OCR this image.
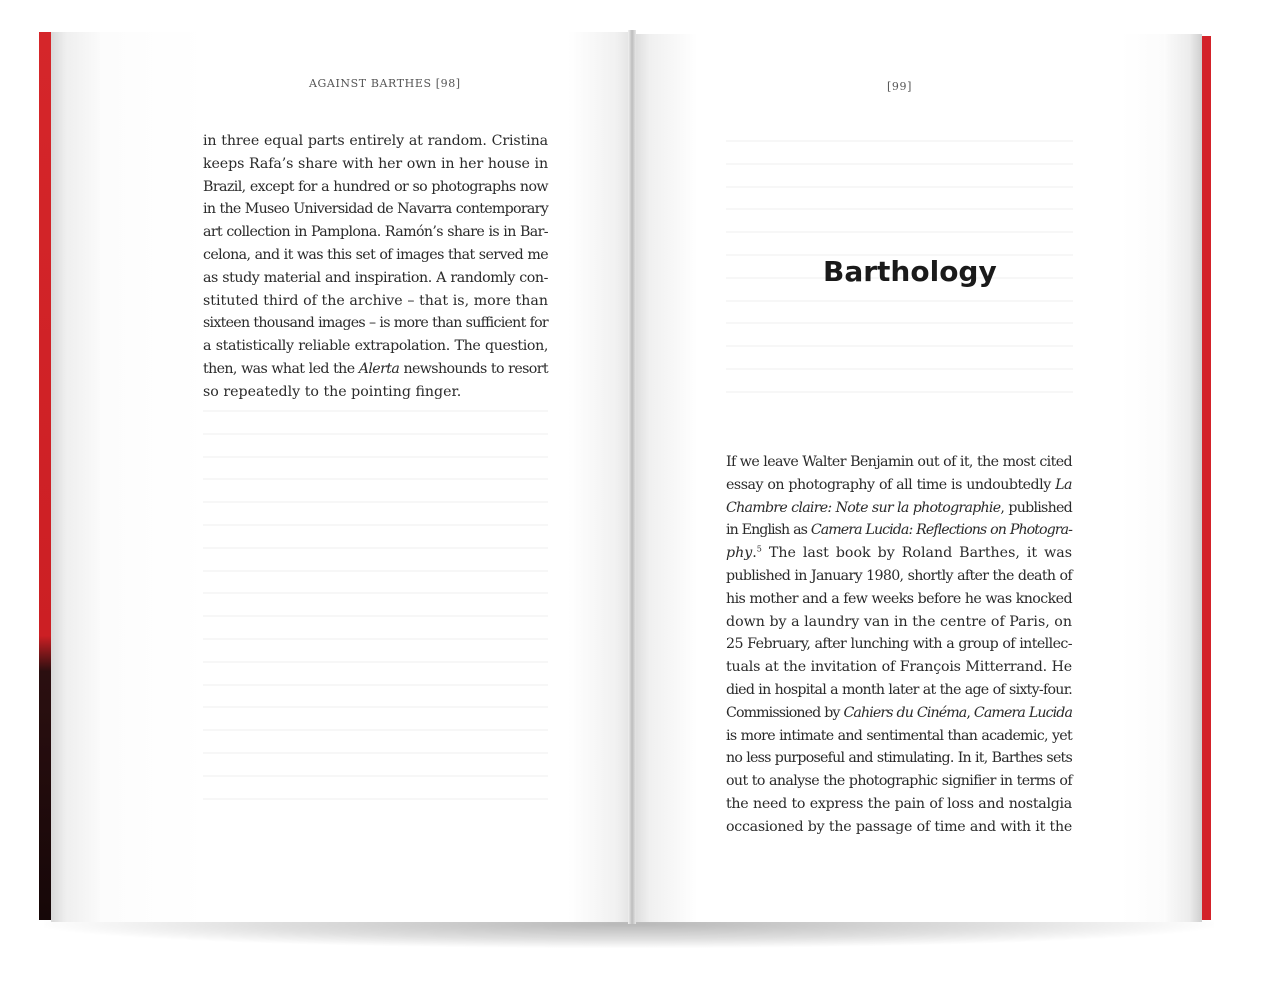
AGAINST BARTHES [98]
in three equal parts entirely at random. Cristina
keeps Rafa’s share with her own in her house in
Brazil, except for a hundred or so photographs now
in the Museo Universidad de Navarra contemporary
art collection in Pamplona. Ramón’s share is in Bar-
celona, and it was this set of images that served me
as study material and inspiration. A randomly con-
stituted third of the archive – that is, more than
sixteen thousand images – is more than sufficient for
a statistically reliable extrapolation. The question,
then, was what led the Alerta newshounds to resort
so repeatedly to the pointing finger.
[99]
Barthology
If we leave Walter Benjamin out of it, the most cited
essay on photography of all time is undoubtedly La
Chambre claire: Note sur la photographie, published
in English as Camera Lucida: Reflections on Photogra-
phy.$^5$ The last book by Roland Barthes, it was
published in January 1980, shortly after the death of
his mother and a few weeks before he was knocked
down by a laundry van in the centre of Paris, on
25 February, after lunching with a group of intellec-
tuals at the invitation of François Mitterrand. He
died in hospital a month later at the age of sixty-four.
Commissioned by Cahiers du Cinéma, Camera Lucida
is more intimate and sentimental than academic, yet
no less purposeful and stimulating. In it, Barthes sets
out to analyse the photographic signifier in terms of
the need to express the pain of loss and nostalgia
occasioned by the passage of time and with it the
